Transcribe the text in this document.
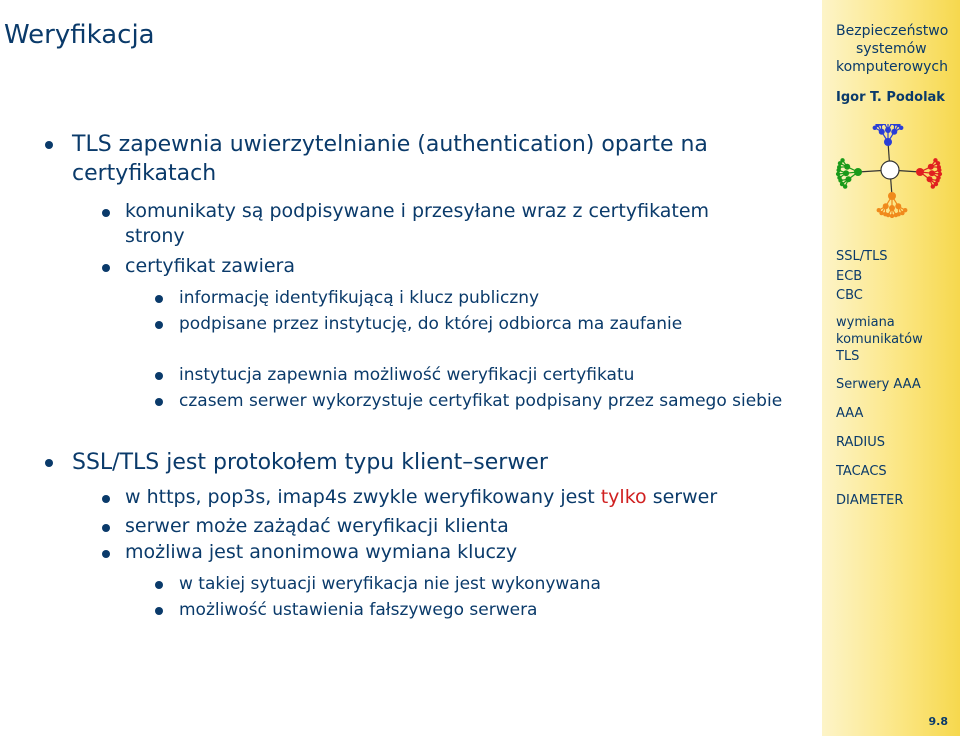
Weryfikacja
TLS zapewnia uwierzytelnianie (authentication) oparte na certyfikatach
komunikaty są podpisywane i przesyłane wraz z certyfikatem strony
certyfikat zawiera
informację identyfikującą i klucz publiczny
podpisane przez instytucję, do której odbiorca ma zaufanie
instytucja zapewnia możliwość weryfikacji certyfikatu
czasem serwer wykorzystuje certyfikat podpisany przez samego siebie
SSL/TLS jest protokołem typu klient–serwer
w https, pop3s, imap4s zwykle weryfikowany jest tylko serwer
serwer może zażądać weryfikacji klienta
możliwa jest anonimowa wymiana kluczy
w takiej sytuacji weryfikacja nie jest wykonywana
możliwość ustawienia fałszywego serwera
Bezpieczeństwo
systemów
komputerowych
Igor T. Podolak
SSL/TLS
ECB
CBC
wymiana
komunikatów
TLS
Serwery AAA
AAA
RADIUS
TACACS
DIAMETER
9.8
